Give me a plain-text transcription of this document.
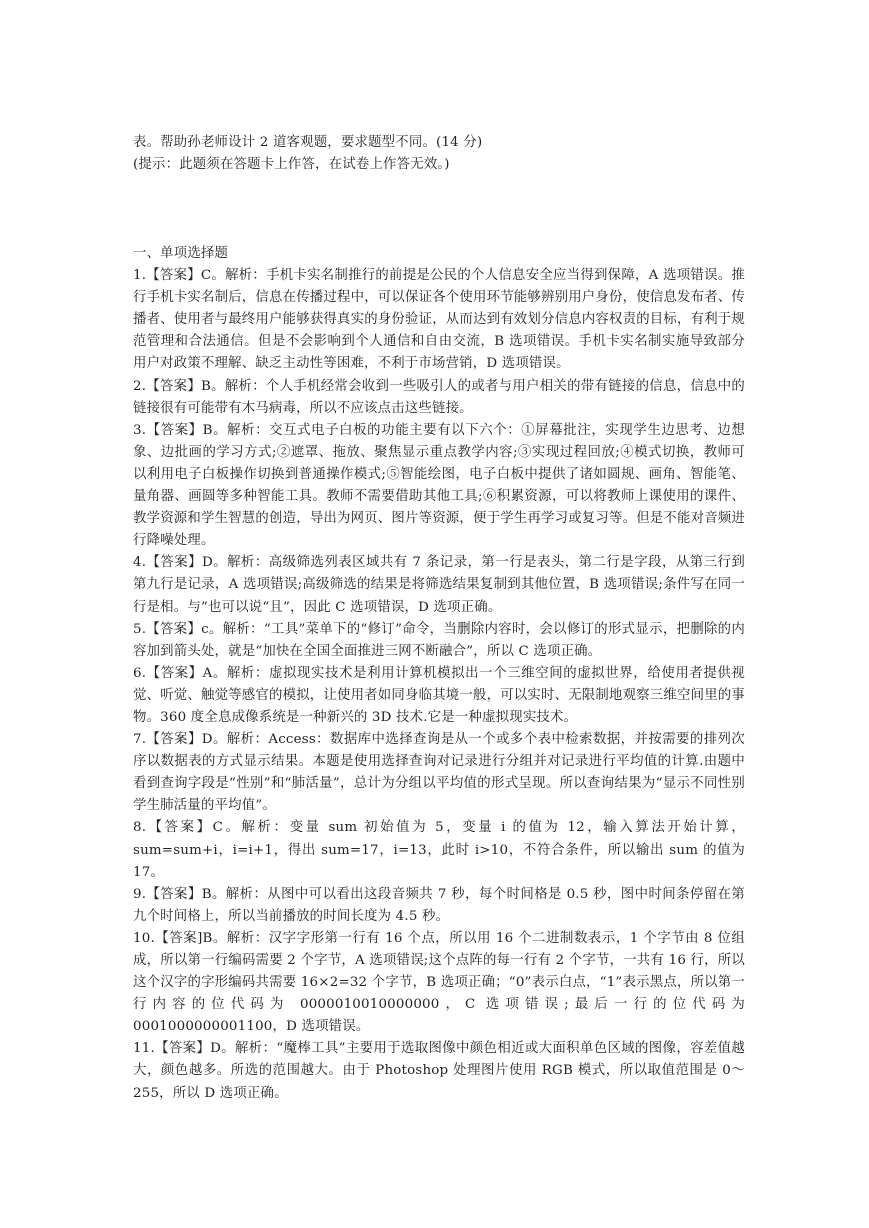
表。帮助孙老师设计 2 道客观题，要求题型不同。(14 分)

(提示：此题须在答题卡上作答，在试卷上作答无效。)

一、单项选择题

1.【答案】C。解析：手机卡实名制推行的前提是公民的个人信息安全应当得到保障，A 选项错误。推行手机卡实名制后，信息在传播过程中，可以保证各个使用环节能够辨别用户身份，使信息发布者、传播者、使用者与最终用户能够获得真实的身份验证，从而达到有效划分信息内容权责的目标，有利于规范管理和合法通信。但是不会影响到个人通信和自由交流，B 选项错误。手机卡实名制实施导致部分用户对政策不理解、缺乏主动性等困难，不利于市场营销，D 选项错误。

2.【答案】B。解析：个人手机经常会收到一些吸引人的或者与用户相关的带有链接的信息，信息中的链接很有可能带有木马病毒，所以不应该点击这些链接。

3.【答案】B。解析：交互式电子白板的功能主要有以下六个：①屏幕批注，实现学生边思考、边想象、边批画的学习方式;②遮罩、拖放、聚焦显示重点教学内容;③实现过程回放;④模式切换，教师可以利用电子白板操作切换到普通操作模式;⑤智能绘图，电子白板中提供了诸如圆规、画角、智能笔、量角器、画圆等多种智能工具。教师不需要借助其他工具;⑥积累资源，可以将教师上课使用的课件、教学资源和学生智慧的创造，导出为网页、图片等资源，便于学生再学习或复习等。但是不能对音频进行降噪处理。

4.【答案】D。解析：高级筛选列表区域共有 7 条记录，第一行是表头，第二行是字段，从第三行到第九行是记录，A 选项错误;高级筛选的结果是将筛选结果复制到其他位置，B 选项错误;条件写在同一行是相。与”也可以说“且”，因此 C 选项错误，D 选项正确。

5.【答案】c。解析：“工具”菜单下的“修订”命令，当删除内容时，会以修订的形式显示，把删除的内容加到箭头处，就是“加快在全国全面推进三网不断融合”，所以 C 选项正确。

6.【答案】A。解析：虚拟现实技术是利用计算机模拟出一个三维空间的虚拟世界，给使用者提供视觉、听觉、触觉等感官的模拟，让使用者如同身临其境一般，可以实时、无限制地观察三维空间里的事物。360 度全息成像系统是一种新兴的 3D 技术.它是一种虚拟现实技术。

7.【答案】D。解析：Access：数据库中选择查询是从一个或多个表中检索数据，并按需要的排列次序以数据表的方式显示结果。本题是使用选择查询对记录进行分组并对记录进行平均值的计算.由题中看到查询字段是“性别”和“肺活量”，总计为分组以平均值的形式呈现。所以查询结果为“显示不同性别学生肺活量的平均值”。

8.【答案】C。解析：变量 sum 初始值为 5，变量 i 的值为 12，输入算法开始计算，sum=sum+i，i=i+1，得出 sum=17，i=13，此时 i>10，不符合条件，所以输出 sum 的值为 17。

9.【答案】B。解析：从图中可以看出这段音频共 7 秒，每个时间格是 0.5 秒，图中时间条停留在第九个时间格上，所以当前播放的时间长度为 4.5 秒。

10.【答案]B。解析：汉字字形第一行有 16 个点，所以用 16 个二进制数表示，1 个字节由 8 位组成，所以第一行编码需要 2 个字节，A 选项错误;这个点阵的每一行有 2 个字节，一共有 16 行，所以这个汉字的字形编码共需要 16×2=32 个字节，B 选项正确；“0”表示白点，“1”表示黑点，所以第一行内容的位代码为 0000010010000000，C 选项错误;最后一行的位代码为 0001000000001100，D 选项错误。

11.【答案】D。解析：“魔棒工具”主要用于选取图像中颜色相近或大面积单色区域的图像，容差值越大，颜色越多。所选的范围越大。由于 Photoshop 处理图片使用 RGB 模式，所以取值范围是 0～255，所以 D 选项正确。
